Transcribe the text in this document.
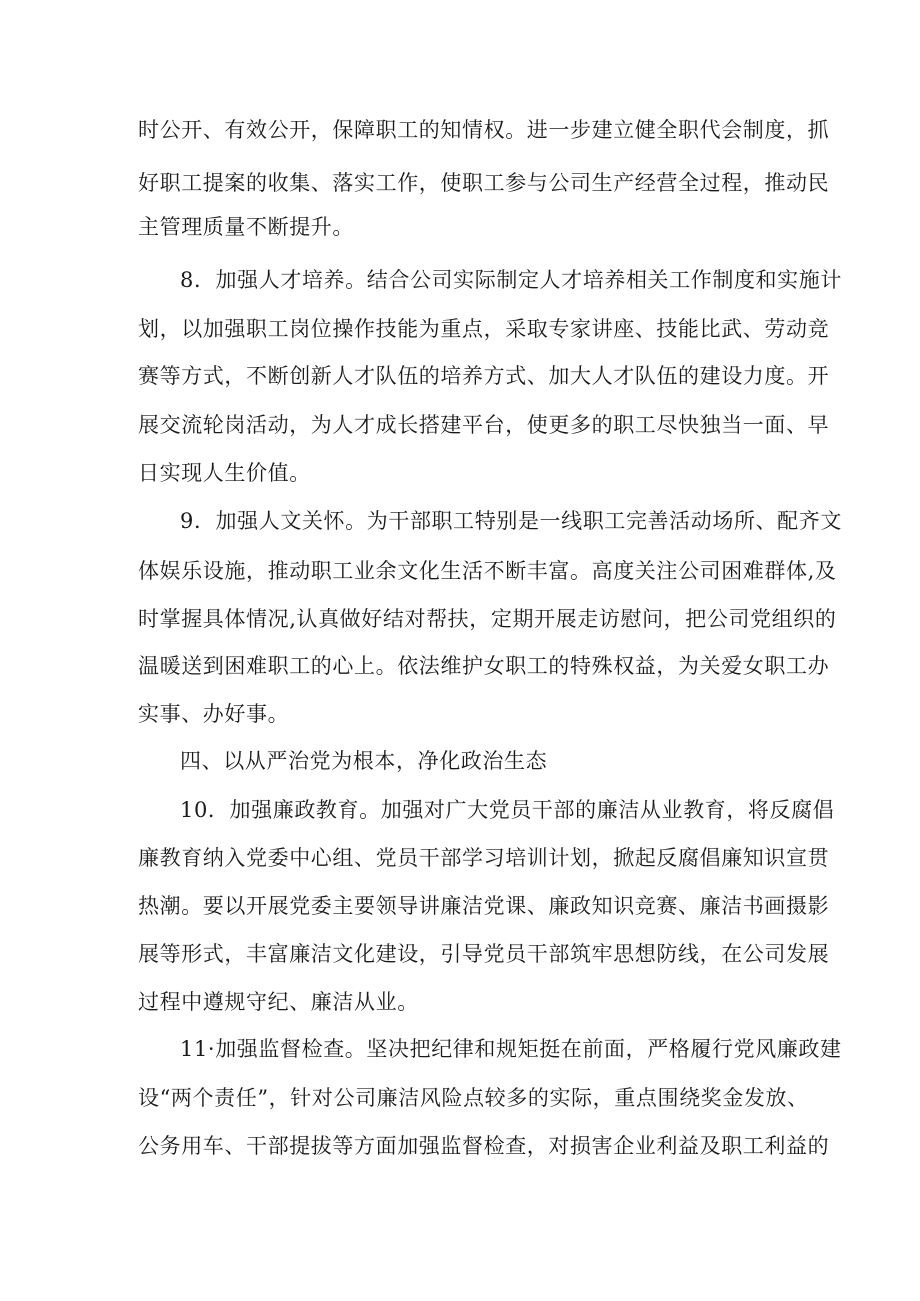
时公开、有效公开，保障职工的知情权。进一步建立健全职代会制度，抓
好职工提案的收集、落实工作，使职工参与公司生产经营全过程，推动民
主管理质量不断提升。
8．加强人才培养。结合公司实际制定人才培养相关工作制度和实施计
划，以加强职工岗位操作技能为重点，采取专家讲座、技能比武、劳动竞
赛等方式，不断创新人才队伍的培养方式、加大人才队伍的建设力度。开
展交流轮岗活动，为人才成长搭建平台，使更多的职工尽快独当一面、早
日实现人生价值。
9．加强人文关怀。为干部职工特别是一线职工完善活动场所、配齐文
体娱乐设施，推动职工业余文化生活不断丰富。高度关注公司困难群体,及
时掌握具体情况,认真做好结对帮扶，定期开展走访慰问，把公司党组织的
温暖送到困难职工的心上。依法维护女职工的特殊权益，为关爱女职工办
实事、办好事。
四、以从严治党为根本，净化政治生态
10．加强廉政教育。加强对广大党员干部的廉洁从业教育，将反腐倡
廉教育纳入党委中心组、党员干部学习培训计划，掀起反腐倡廉知识宣贯
热潮。要以开展党委主要领导讲廉洁党课、廉政知识竞赛、廉洁书画摄影
展等形式，丰富廉洁文化建设，引导党员干部筑牢思想防线，在公司发展
过程中遵规守纪、廉洁从业。
11·加强监督检查。坚决把纪律和规矩挺在前面，严格履行党风廉政建
设“两个责任”，针对公司廉洁风险点较多的实际，重点围绕奖金发放、
公务用车、干部提拔等方面加强监督检查，对损害企业利益及职工利益的
